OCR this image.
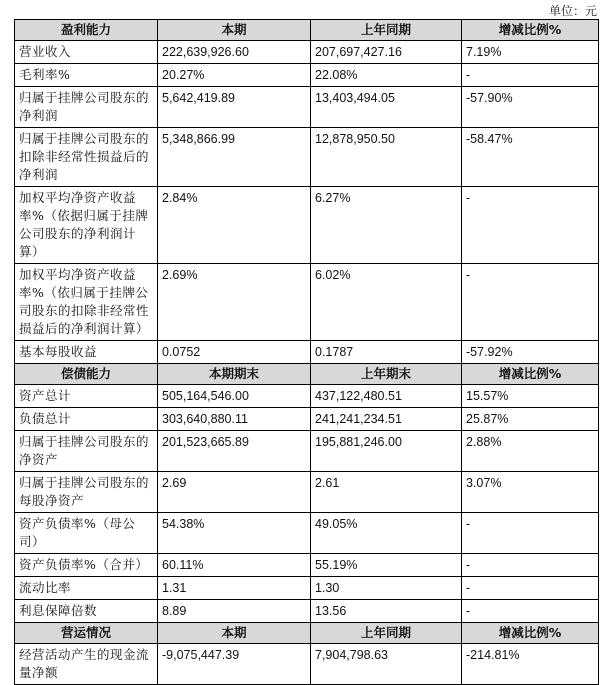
单位：元
盈利能力	本期	上年同期	增减比例%

营业收入	222,639,926.60	207,697,427.16	7.19%

毛利率%	20.27%	22.08%	-

归属于挂牌公司股东的净利润	5,642,419.89	13,403,494.05	-57.90%

归属于挂牌公司股东的扣除非经常性损益后的净利润	5,348,866.99	12,878,950.50	-58.47%

加权平均净资产收益率%（依据归属于挂牌公司股东的净利润计算）	2.84%	6.27%	-

加权平均净资产收益率%（依归属于挂牌公司股东的扣除非经常性损益后的净利润计算）	2.69%	6.02%	-

基本每股收益	0.0752	0.1787	-57.92%
偿债能力	本期期末	上年期末	增减比例%

资产总计	505,164,546.00	437,122,480.51	15.57%

负债总计	303,640,880.11	241,241,234.51	25.87%

归属于挂牌公司股东的净资产	201,523,665.89	195,881,246.00	2.88%

归属于挂牌公司股东的每股净资产	2.69	2.61	3.07%

资产负债率%（母公司）	54.38%	49.05%	-

资产负债率%（合并）	60.11%	55.19%	-

流动比率	1.31	1.30	-

利息保障倍数	8.89	13.56	-
营运情况	本期	上年同期	增减比例%

经营活动产生的现金流量净额	-9,075,447.39	7,904,798.63	-214.81%
